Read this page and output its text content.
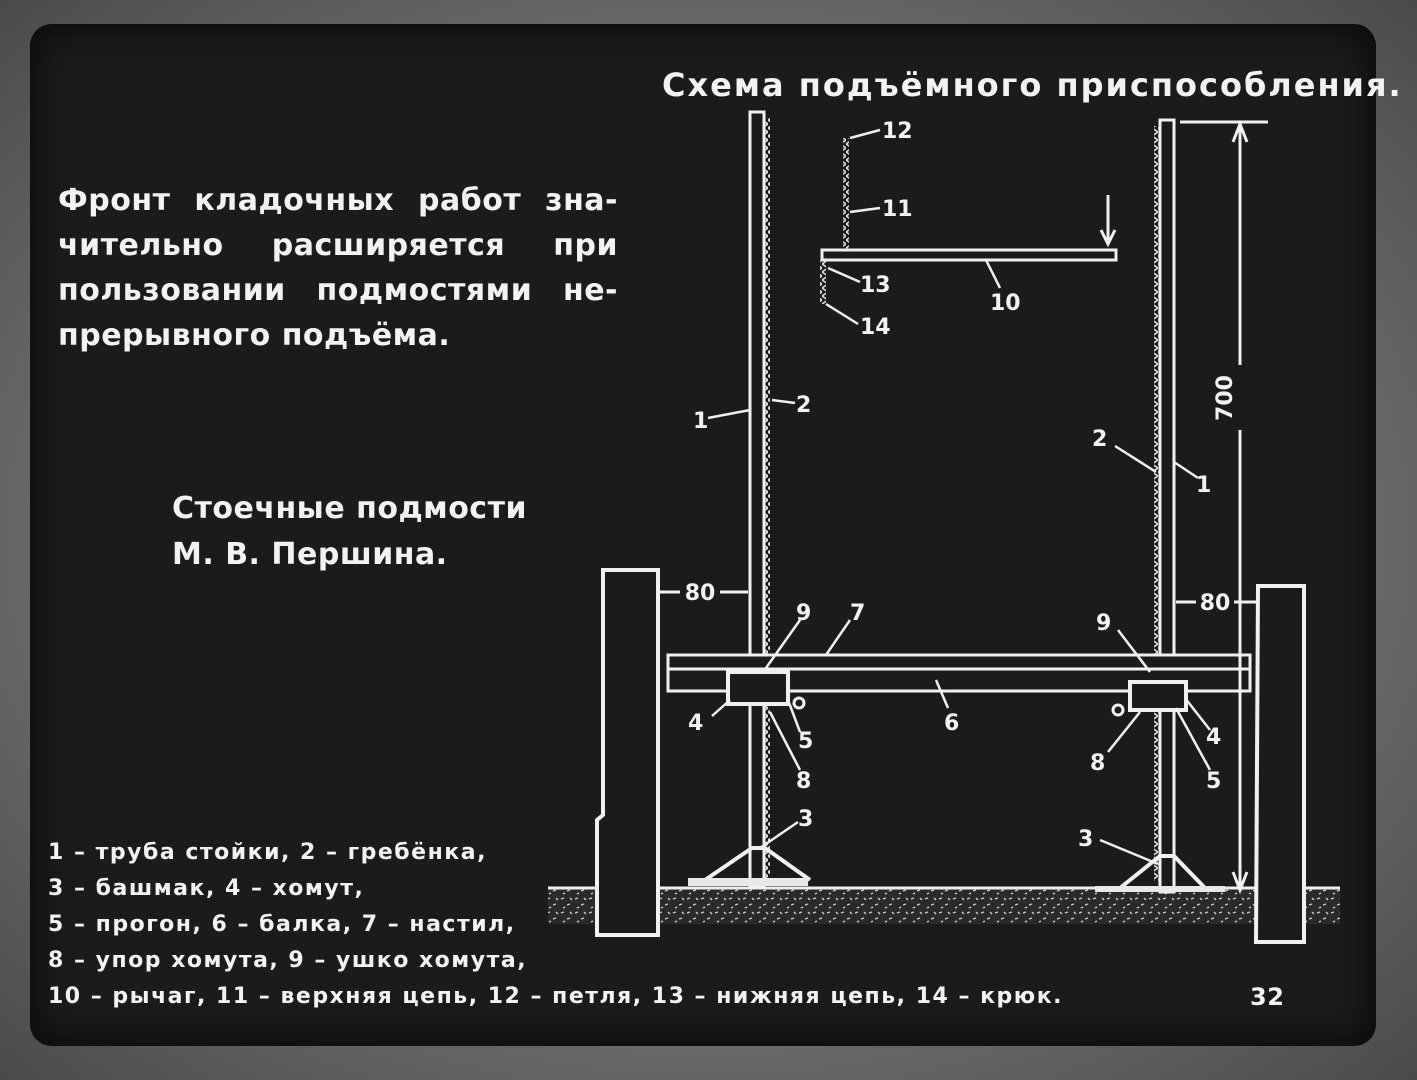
Схема подъёмного приспособления.
Фронт кладочных работ зна-
чительно расширяется при
пользовании подмостями не-
прерывного подъёма.
Стоечные подмости
М. В. Першина.
1 – труба стойки, 2 – гребёнка,
3 – башмак, 4 – хомут,
5 – прогон, 6 – балка, 7 – настил,
8 – упор хомута, 9 – ушко хомута,
10 – рычаг, 11 – верхняя цепь, 12 – петля, 13 – нижняя цепь, 14 – крюк.	32
700
80	80
1
2
2
1
12
11
13
14
10
9 7
6
4
5
8
3
9
4
5
8
3
